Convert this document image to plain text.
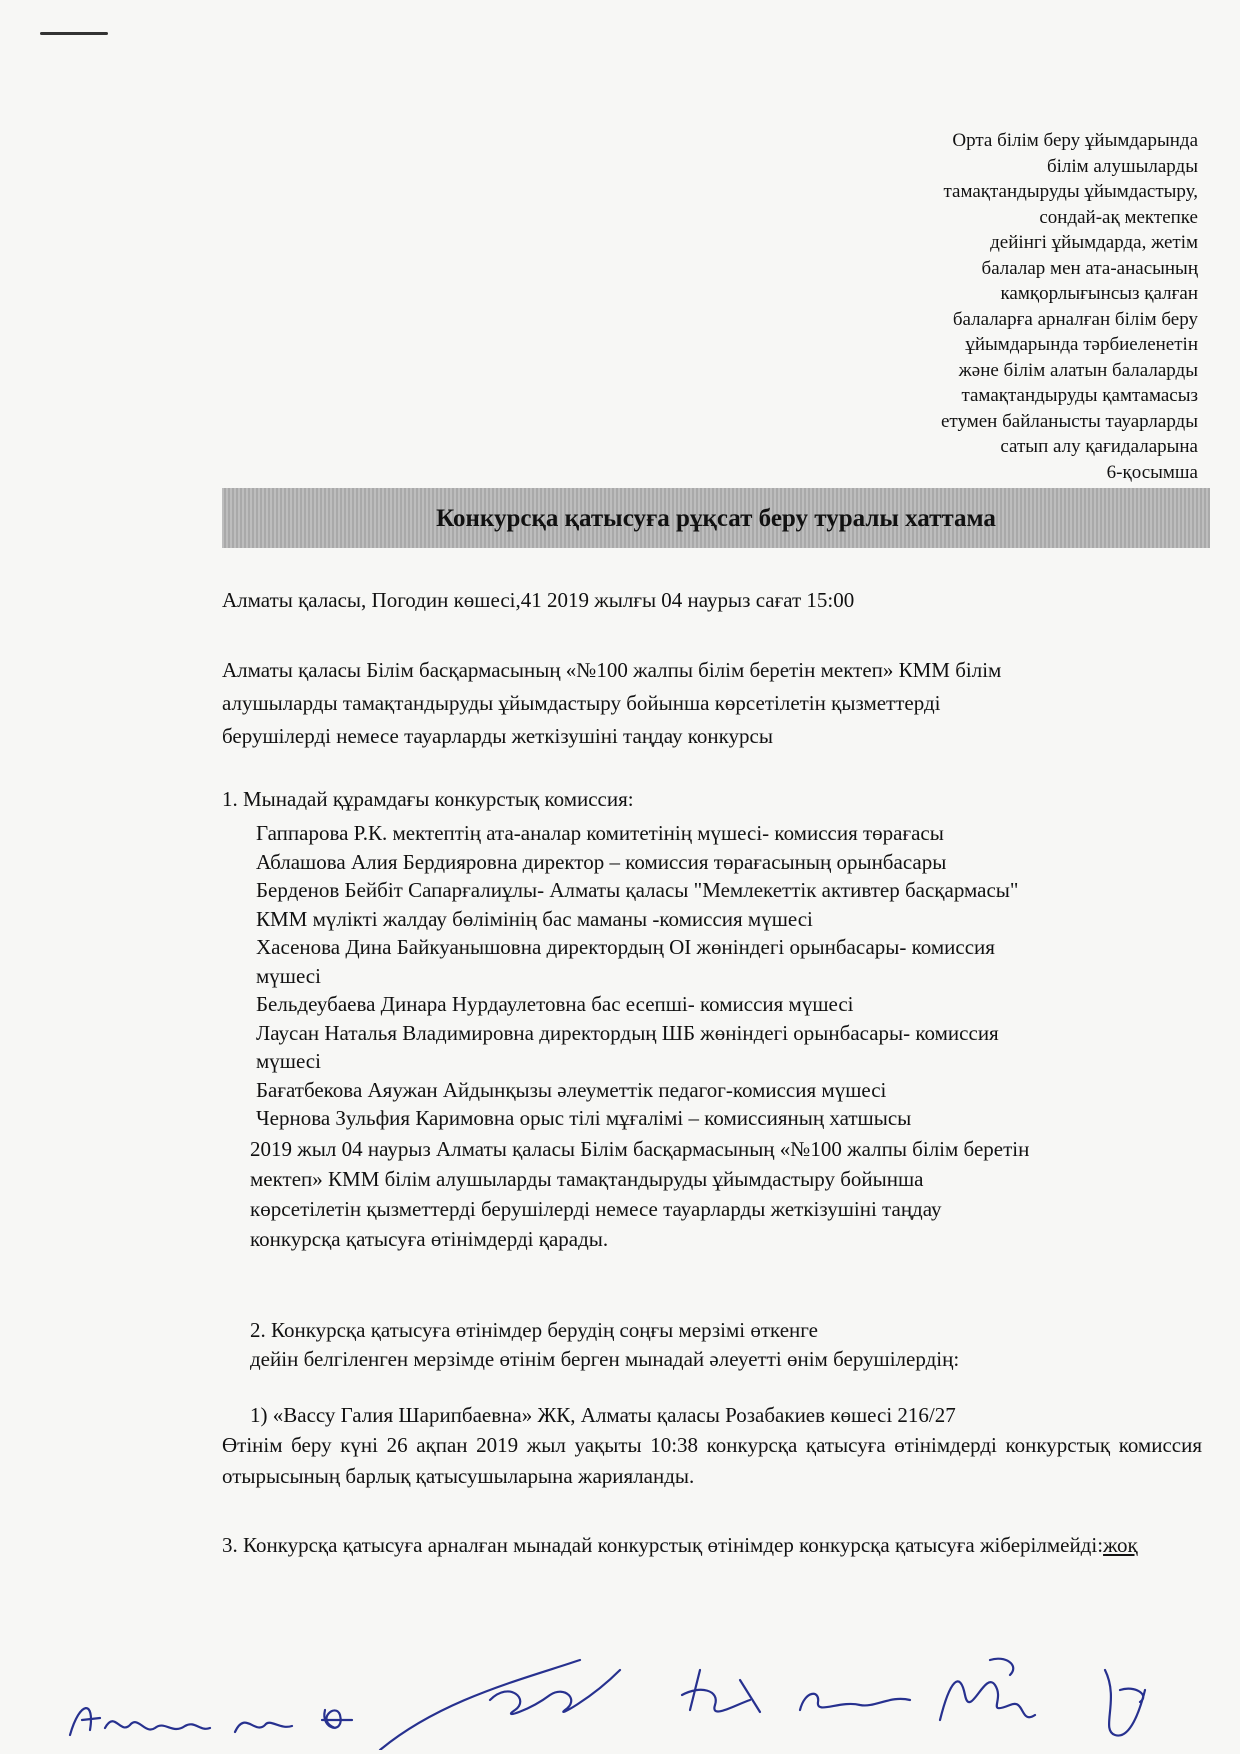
Орта білім беру ұйымдарында
білім алушыларды
тамақтандыруды ұйымдастыру,
сондай-ақ мектепке
дейінгі ұйымдарда, жетім
балалар мен ата-анасының
камқорлығынсыз қалған
балаларға арналған білім беру
ұйымдарында тәрбиеленетін
және білім алатын балаларды
тамақтандыруды қамтамасыз
етумен байланысты тауарларды
сатып алу қағидаларына
6-қосымша
Конкурсқа қатысуға рұқсат беру туралы хаттама

Алматы қаласы, Погодин көшесі,41 2019 жылғы 04 наурыз сағат 15:00

Алматы қаласы Білім басқармасының «№100 жалпы білім беретін мектеп» КММ білім
алушыларды тамақтандыруды ұйымдастыру бойынша көрсетілетін қызметтерді
берушілерді немесе тауарларды жеткізушіні таңдау конкурсы

1. Мынадай құрамдағы конкурстық комиссия:

Гаппарова Р.К. мектептің ата-аналар комитетінің мүшесі- комиссия төрағасы
Аблашова Алия Бердияровна директор – комиссия төрағасының орынбасары
Берденов Бейбіт Сапарғалиұлы- Алматы қаласы "Мемлекеттік активтер басқармасы"
КММ мүлікті жалдау бөлімінің бас маманы -комиссия мүшесі
Хасенова Дина Байкуанышовна директордың ОІ жөніндегі орынбасары- комиссия
мүшесі
Бельдеубаева Динара Нурдаулетовна бас есепші- комиссия мүшесі
Лаусан Наталья Владимировна директордың ШБ жөніндегі орынбасары- комиссия
мүшесі
Бағатбекова Аяужан Айдынқызы әлеуметтік педагог-комиссия мүшесі
Чернова Зульфия Каримовна орыс тілі мұғалімі – комиссияның хатшысы
2019 жыл 04 наурыз Алматы қаласы Білім басқармасының «№100 жалпы білім беретін
мектеп» КММ білім алушыларды тамақтандыруды ұйымдастыру бойынша
көрсетілетін қызметтерді берушілерді немесе тауарларды жеткізушіні таңдау
конкурсқа қатысуға өтінімдерді қарады.
2. Конкурсқа қатысуға өтінімдер берудің соңғы мерзімі өткенге
дейін белгіленген мерзімде өтінім берген мынадай әлеуетті өнім берушілердің:

1) «Вассу Галия Шарипбаевна» ЖК, Алматы қаласы Розабакиев көшесі 216/27

Өтінім беру күні 26 ақпан 2019 жыл уақыты 10:38 конкурсқа қатысуға өтінімдерді конкурстық комиссия отырысының барлық қатысушыларына жарияланды.

3. Конкурсқа қатысуға арналған мынадай конкурстық өтінімдер конкурсқа қатысуға жіберілмейді:жоқ
